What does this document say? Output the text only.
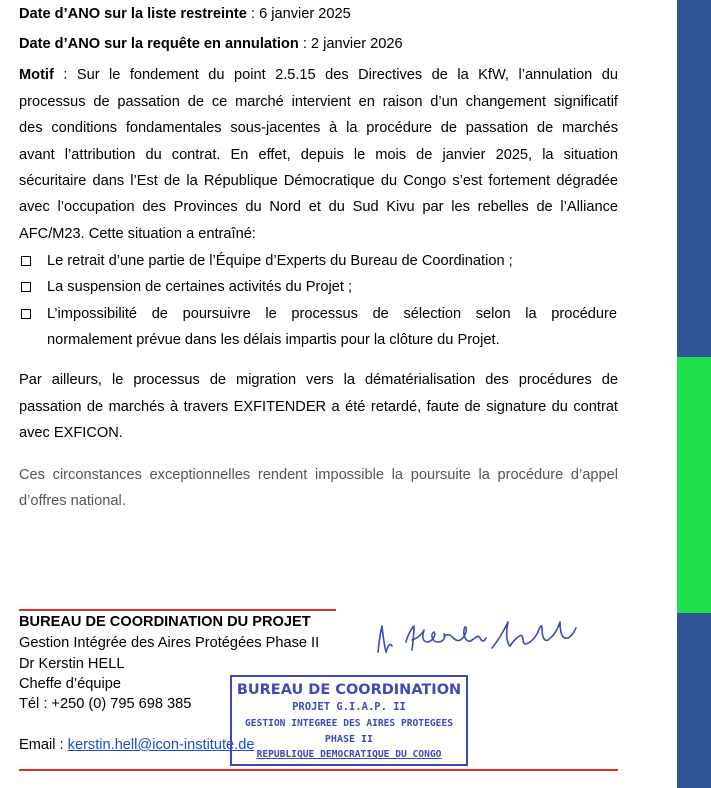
Date d’ANO sur la liste restreinte : 6 janvier 2025
Date d’ANO sur la requête en annulation : 2 janvier 2026
Motif : Sur le fondement du point 2.5.15 des Directives de la KfW, l’annulation du
processus de passation de ce marché intervient en raison d’un changement significatif
des conditions fondamentales sous-jacentes à la procédure de passation de marchés
avant l’attribution du contrat. En effet, depuis le mois de janvier 2025, la situation
sécuritaire dans l’Est de la République Démocratique du Congo s’est fortement dégradée
avec l’occupation des Provinces du Nord et du Sud Kivu par les rebelles de l’Alliance
AFC/M23. Cette situation a entraîné:
Le retrait d’une partie de l’Équipe d’Experts du Bureau de Coordination ;
La suspension de certaines activités du Projet ;
L’impossibilité de poursuivre le processus de sélection selon la procédure
normalement prévue dans les délais impartis pour la clôture du Projet.
Par ailleurs, le processus de migration vers la dématérialisation des procédures de
passation de marchés à travers EXFITENDER a été retardé, faute de signature du contrat
avec EXFICON.
Ces circonstances exceptionnelles rendent impossible la poursuite la procédure d’appel
d’offres national.
BUREAU DE COORDINATION DU PROJET
Gestion Intégrée des Aires Protégées Phase II
Dr Kerstin HELL
Cheffe d’équipe
Tél : +250 (0) 795 698 385
Email : kerstin.hell@icon-institute.de
BUREAU DE COORDINATION
PROJET G.I.A.P. II
GESTION INTEGREE DES AIRES PROTEGEES
PHASE II
REPUBLIQUE DEMOCRATIQUE DU CONGO
